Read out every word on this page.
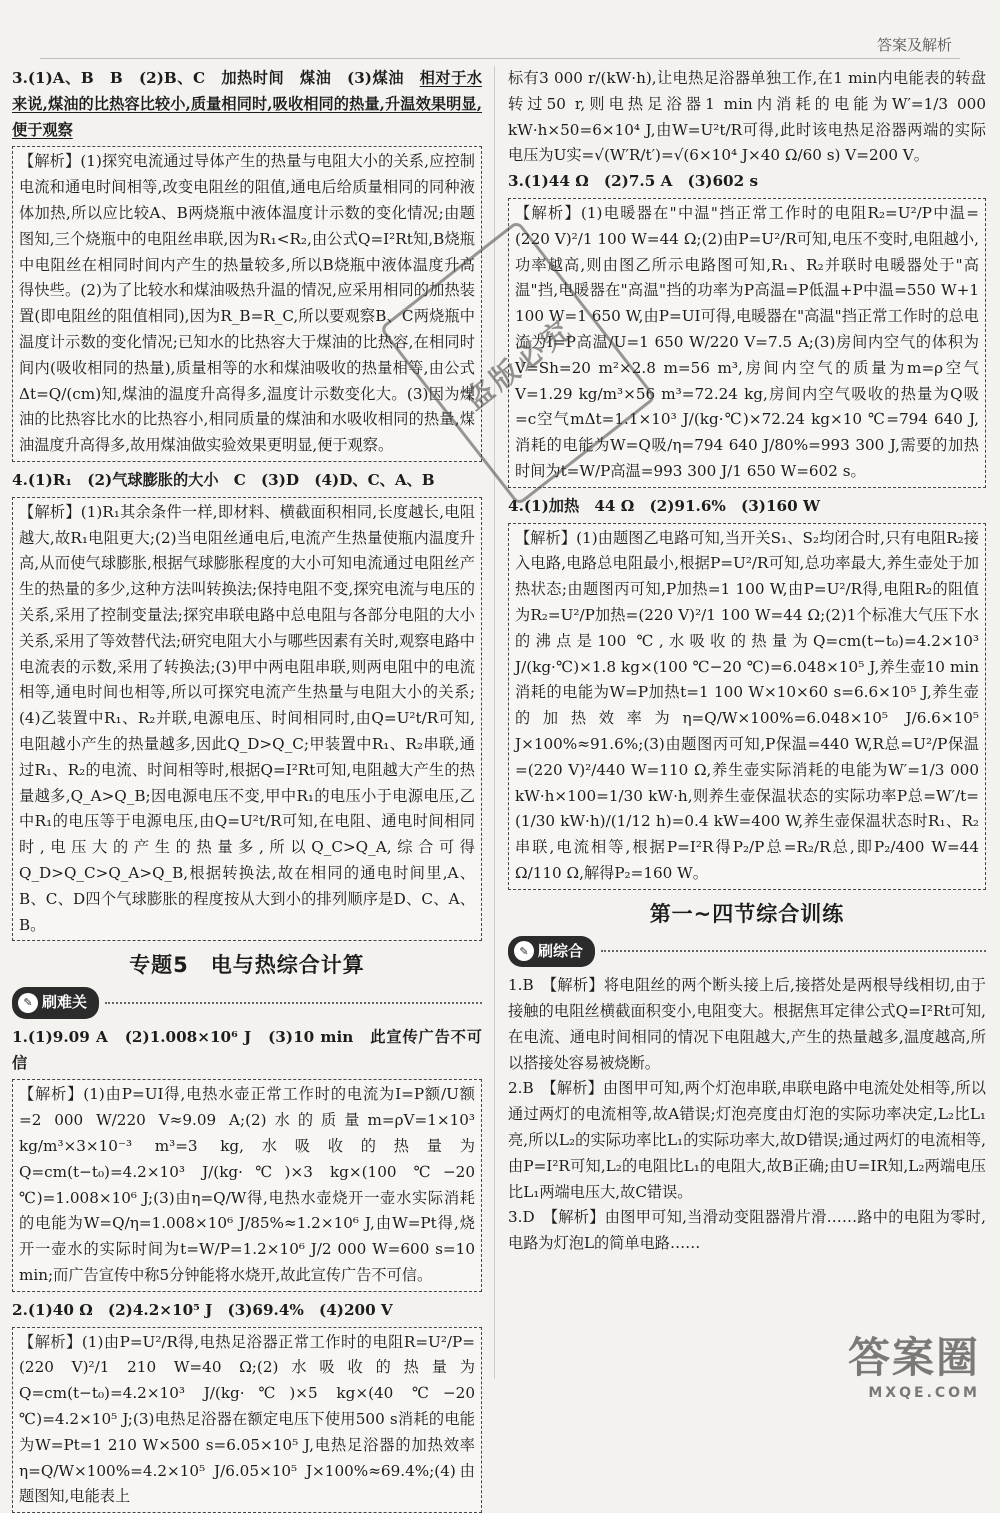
答案及解析

3.(1)A、B　B　(2)B、C　加热时间　煤油　(3)煤油　相对于水来说,煤油的比热容比较小,质量相同时,吸收相同的热量,升温效果明显,便于观察

【解析】(1)探究电流通过导体产生的热量与电阻大小的关系,应控制电流和通电时间相等,改变电阻丝的阻值,通电后给质量相同的同种液体加热,所以应比较A、B两烧瓶中液体温度计示数的变化情况;由题图知,三个烧瓶中的电阻丝串联,因为R₁<R₂,由公式Q=I²Rt知,B烧瓶中电阻丝在相同时间内产生的热量较多,所以B烧瓶中液体温度升高得快些。(2)为了比较水和煤油吸热升温的情况,应采用相同的加热装置(即电阻丝的阻值相同),因为R_B=R_C,所以要观察B、C两烧瓶中温度计示数的变化情况;已知水的比热容大于煤油的比热容,在相同时间内(吸收相同的热量),质量相等的水和煤油吸收的热量相等,由公式Δt=Q/(cm)知,煤油的温度升高得多,温度计示数变化大。(3)因为煤油的比热容比水的比热容小,相同质量的煤油和水吸收相同的热量,煤油温度升高得多,故用煤油做实验效果更明显,便于观察。

4.(1)R₁　(2)气球膨胀的大小　C　(3)D　(4)D、C、A、B

【解析】(1)R₁其余条件一样,即材料、横截面积相同,长度越长,电阻越大,故R₁电阻更大;(2)当电阻丝通电后,电流产生热量使瓶内温度升高,从而使气球膨胀,根据气球膨胀程度的大小可知电流通过电阻丝产生的热量的多少,这种方法叫转换法;保持电阻不变,探究电流与电压的关系,采用了控制变量法;探究串联电路中总电阻与各部分电阻的大小关系,采用了等效替代法;研究电阻大小与哪些因素有关时,观察电路中电流表的示数,采用了转换法;(3)甲中两电阻串联,则两电阻中的电流相等,通电时间也相等,所以可探究电流产生热量与电阻大小的关系;(4)乙装置中R₁、R₂并联,电源电压、时间相同时,由Q=U²t/R可知,电阻越小产生的热量越多,因此Q_D>Q_C;甲装置中R₁、R₂串联,通过R₁、R₂的电流、时间相等时,根据Q=I²Rt可知,电阻越大产生的热量越多,Q_A>Q_B;因电源电压不变,甲中R₁的电压小于电源电压,乙中R₁的电压等于电源电压,由Q=U²t/R可知,在电阻、通电时间相同时,电压大的产生的热量多,所以Q_C>Q_A,综合可得Q_D>Q_C>Q_A>Q_B,根据转换法,故在相同的通电时间里,A、B、C、D四个气球膨胀的程度按从大到小的排列顺序是D、C、A、B。

专题5　电与热综合计算
✎ 刷难关

1.(1)9.09 A　(2)1.008×10⁶ J　(3)10 min　此宣传广告不可信

【解析】(1)由P=UI得,电热水壶正常工作时的电流为I=P额/U额=2 000 W/220 V≈9.09 A;(2)水的质量m=ρV=1×10³ kg/m³×3×10⁻³ m³=3 kg,水吸收的热量为Q=cm(t−t₀)=4.2×10³ J/(kg·℃)×3 kg×(100 ℃−20 ℃)=1.008×10⁶ J;(3)由η=Q/W得,电热水壶烧开一壶水实际消耗的电能为W=Q/η=1.008×10⁶ J/85%≈1.2×10⁶ J,由W=Pt得,烧开一壶水的实际时间为t=W/P=1.2×10⁶ J/2 000 W=600 s=10 min;而广告宣传中称5分钟能将水烧开,故此宣传广告不可信。

2.(1)40 Ω　(2)4.2×10⁵ J　(3)69.4%　(4)200 V

【解析】(1)由P=U²/R得,电热足浴器正常工作时的电阻R=U²/P=(220 V)²/1 210 W=40 Ω;(2)水吸收的热量为Q=cm(t−t₀)=4.2×10³ J/(kg·℃)×5 kg×(40 ℃−20 ℃)=4.2×10⁵ J;(3)电热足浴器在额定电压下使用500 s消耗的电能为W=Pt=1 210 W×500 s=6.05×10⁵ J,电热足浴器的加热效率η=Q/W×100%=4.2×10⁵ J/6.05×10⁵ J×100%≈69.4%;(4)由题图知,电能表上

标有3 000 r/(kW·h),让电热足浴器单独工作,在1 min内电能表的转盘转过50 r,则电热足浴器1 min内消耗的电能为W′=1/3 000 kW·h×50=6×10⁴ J,由W=U²t/R可得,此时该电热足浴器两端的实际电压为U实=√(W′R/t′)=√(6×10⁴ J×40 Ω/60 s) V=200 V。

3.(1)44 Ω　(2)7.5 A　(3)602 s

【解析】(1)电暖器在"中温"挡正常工作时的电阻R₂=U²/P中温=(220 V)²/1 100 W=44 Ω;(2)由P=U²/R可知,电压不变时,电阻越小,功率越高,则由图乙所示电路图可知,R₁、R₂并联时电暖器处于"高温"挡,电暖器在"高温"挡的功率为P高温=P低温+P中温=550 W+1 100 W=1 650 W,由P=UI可得,电暖器在"高温"挡正常工作时的总电流为I=P高温/U=1 650 W/220 V=7.5 A;(3)房间内空气的体积为V=Sh=20 m²×2.8 m=56 m³,房间内空气的质量为m=ρ空气V=1.29 kg/m³×56 m³=72.24 kg,房间内空气吸收的热量为Q吸=c空气mΔt=1.1×10³ J/(kg·℃)×72.24 kg×10 ℃=794 640 J,消耗的电能为W=Q吸/η=794 640 J/80%=993 300 J,需要的加热时间为t=W/P高温=993 300 J/1 650 W=602 s。

4.(1)加热　44 Ω　(2)91.6%　(3)160 W

【解析】(1)由题图乙电路可知,当开关S₁、S₂均闭合时,只有电阻R₂接入电路,电路总电阻最小,根据P=U²/R可知,总功率最大,养生壶处于加热状态;由题图丙可知,P加热=1 100 W,由P=U²/R得,电阻R₂的阻值为R₂=U²/P加热=(220 V)²/1 100 W=44 Ω;(2)1个标准大气压下水的沸点是100 ℃,水吸收的热量为Q=cm(t−t₀)=4.2×10³ J/(kg·℃)×1.8 kg×(100 ℃−20 ℃)=6.048×10⁵ J,养生壶10 min消耗的电能为W=P加热t=1 100 W×10×60 s=6.6×10⁵ J,养生壶的加热效率为η=Q/W×100%=6.048×10⁵ J/6.6×10⁵ J×100%≈91.6%;(3)由题图丙可知,P保温=440 W,R总=U²/P保温=(220 V)²/440 W=110 Ω,养生壶实际消耗的电能为W′=1/3 000 kW·h×100=1/30 kW·h,则养生壶保温状态的实际功率P总=W′/t=(1/30 kW·h)/(1/12 h)=0.4 kW=400 W,养生壶保温状态时R₁、R₂串联,电流相等,根据P=I²R得P₂/P总=R₂/R总,即P₂/400 W=44 Ω/110 Ω,解得P₂=160 W。

第一~四节综合训练
✎ 刷综合

1.B　【解析】将电阻丝的两个断头接上后,接搭处是两根导线相切,由于接触的电阻丝横截面积变小,电阻变大。根据焦耳定律公式Q=I²Rt可知,在电流、通电时间相同的情况下电阻越大,产生的热量越多,温度越高,所以搭接处容易被烧断。

2.B　【解析】由图甲可知,两个灯泡串联,串联电路中电流处处相等,所以通过两灯的电流相等,故A错误;灯泡亮度由灯泡的实际功率决定,L₂比L₁亮,所以L₂的实际功率比L₁的实际功率大,故D错误;通过两灯的电流相等,由P=I²R可知,L₂的电阻比L₁的电阻大,故B正确;由U=IR知,L₂两端电压比L₁两端电压大,故C错误。

3.D　【解析】由图甲可知,当滑动变阻器滑片滑……路中的电阻为零时,电路为灯泡L的简单电路……

盗版必究
答案圈
MXQE.COM
